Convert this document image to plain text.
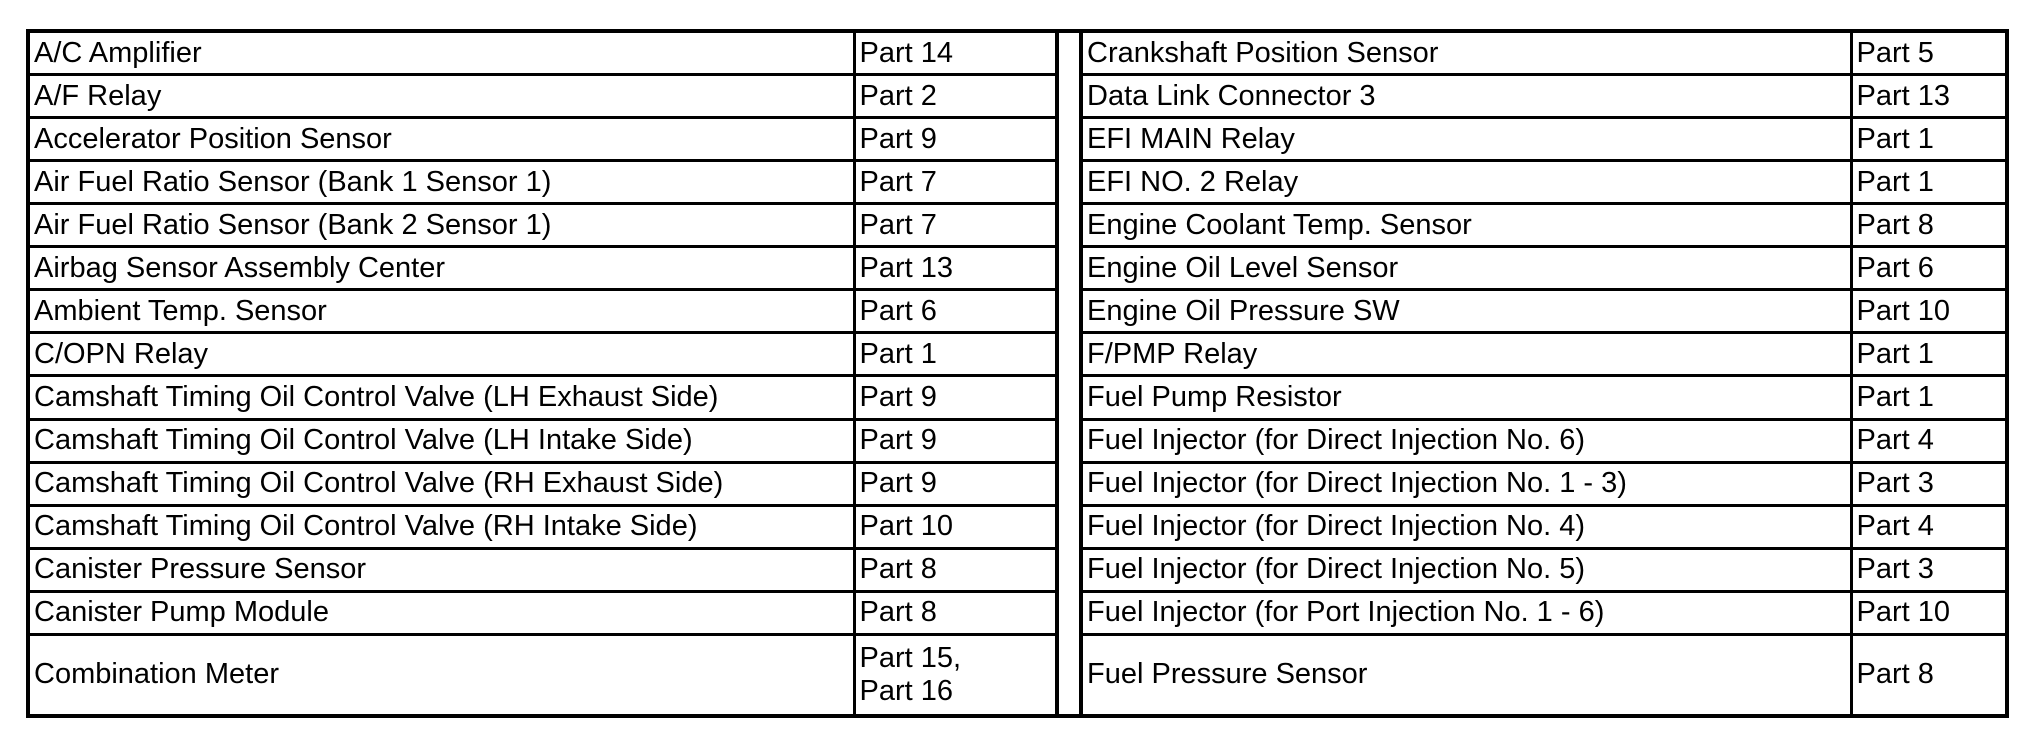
A/C Amplifier	Part 14
A/F Relay	Part 2
Accelerator Position Sensor	Part 9
Air Fuel Ratio Sensor (Bank 1 Sensor 1)	Part 7
Air Fuel Ratio Sensor (Bank 2 Sensor 1)	Part 7
Airbag Sensor Assembly Center	Part 13
Ambient Temp. Sensor	Part 6
C/OPN Relay	Part 1
Camshaft Timing Oil Control Valve (LH Exhaust Side)	Part 9
Camshaft Timing Oil Control Valve (LH Intake Side)	Part 9
Camshaft Timing Oil Control Valve (RH Exhaust Side)	Part 9
Camshaft Timing Oil Control Valve (RH Intake Side)	Part 10
Canister Pressure Sensor	Part 8
Canister Pump Module	Part 8
Combination Meter	Part 15,
Part 16
Crankshaft Position Sensor	Part 5
Data Link Connector 3	Part 13
EFI MAIN Relay	Part 1
EFI NO. 2 Relay	Part 1
Engine Coolant Temp. Sensor	Part 8
Engine Oil Level Sensor	Part 6
Engine Oil Pressure SW	Part 10
F/PMP Relay	Part 1
Fuel Pump Resistor	Part 1
Fuel Injector (for Direct Injection No. 6)	Part 4
Fuel Injector (for Direct Injection No. 1 - 3)	Part 3
Fuel Injector (for Direct Injection No. 4)	Part 4
Fuel Injector (for Direct Injection No. 5)	Part 3
Fuel Injector (for Port Injection No. 1 - 6)	Part 10
Fuel Pressure Sensor	Part 8
